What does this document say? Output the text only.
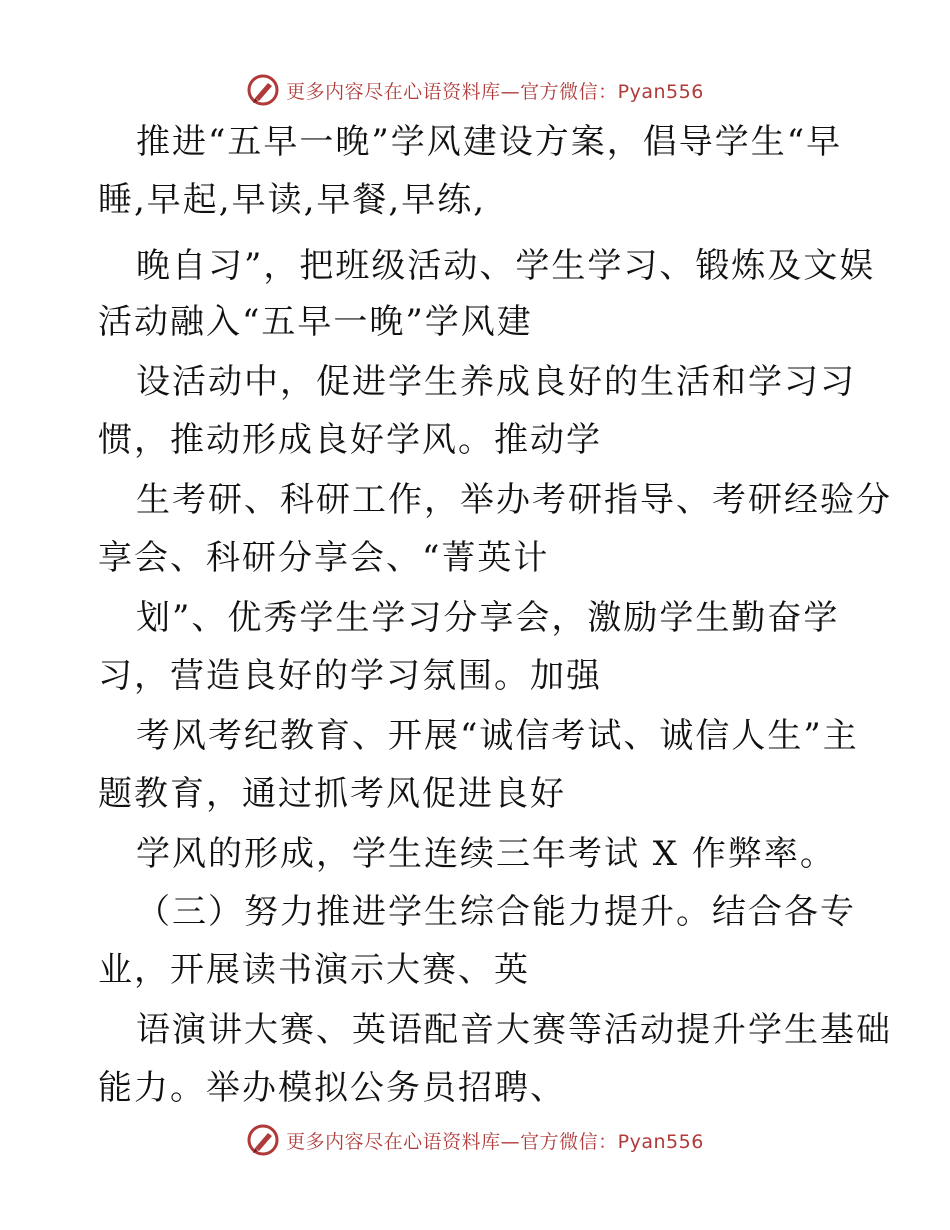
更多内容尽在心语资料库—官方微信：Pyan556
推进“五早一晚”学风建设方案，倡导学生“早
睡,早起,早读,早餐,早练,
晚自习”，把班级活动、学生学习、锻炼及文娱
活动融入“五早一晚”学风建
设活动中，促进学生养成良好的生活和学习习
惯，推动形成良好学风。推动学
生考研、科研工作，举办考研指导、考研经验分
享会、科研分享会、“菁英计
划”、优秀学生学习分享会，激励学生勤奋学
习，营造良好的学习氛围。加强
考风考纪教育、开展“诚信考试、诚信人生”主
题教育，通过抓考风促进良好
学风的形成，学生连续三年考试 X 作弊率。
（三）努力推进学生综合能力提升。结合各专
业，开展读书演示大赛、英
语演讲大赛、英语配音大赛等活动提升学生基础
能力。举办模拟公务员招聘、
更多内容尽在心语资料库—官方微信：Pyan556
